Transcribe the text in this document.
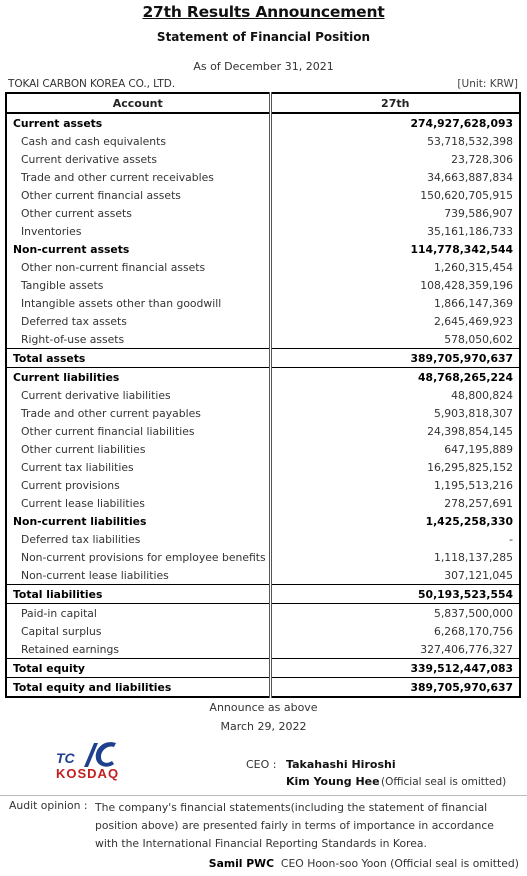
27th Results Announcement
Statement of Financial Position
As of December 31, 2021
TOKAI CARBON KOREA CO., LTD.	[Unit: KRW]
Account	27th
Current assets	274,927,628,093
Cash and cash equivalents	53,718,532,398
Current derivative assets	23,728,306
Trade and other current receivables	34,663,887,834
Other current financial assets	150,620,705,915
Other current assets	739,586,907
Inventories	35,161,186,733
Non-current assets	114,778,342,544
Other non-current financial assets	1,260,315,454
Tangible assets	108,428,359,196
Intangible assets other than goodwill	1,866,147,369
Deferred tax assets	2,645,469,923
Right-of-use assets	578,050,602
Total assets	389,705,970,637
Current liabilities	48,768,265,224
Current derivative liabilities	48,800,824
Trade and other current payables	5,903,818,307
Other current financial liabilities	24,398,854,145
Other current liabilities	647,195,889
Current tax liabilities	16,295,825,152
Current provisions	1,195,513,216
Current lease liabilities	278,257,691
Non-current liabilities	1,425,258,330
Deferred tax liabilities	-
Non-current provisions for employee benefits	1,118,137,285
Non-current lease liabilities	307,121,045
Total liabilities	50,193,523,554
Paid-in capital	5,837,500,000
Capital surplus	6,268,170,756
Retained earnings	327,406,776,327
Total equity	339,512,447,083
Total equity and liabilities	389,705,970,637
Announce as above
March 29, 2022
TC
KOSDAQ
CEO : Takahashi Hiroshi
Kim Young Hee (Official seal is omitted)
Audit opinion : The company's financial statements(including the statement of financial position above) are presented fairly in terms of importance in accordance with the International Financial Reporting Standards in Korea.
Samil PWC CEO Hoon-soo Yoon (Official seal is omitted)
